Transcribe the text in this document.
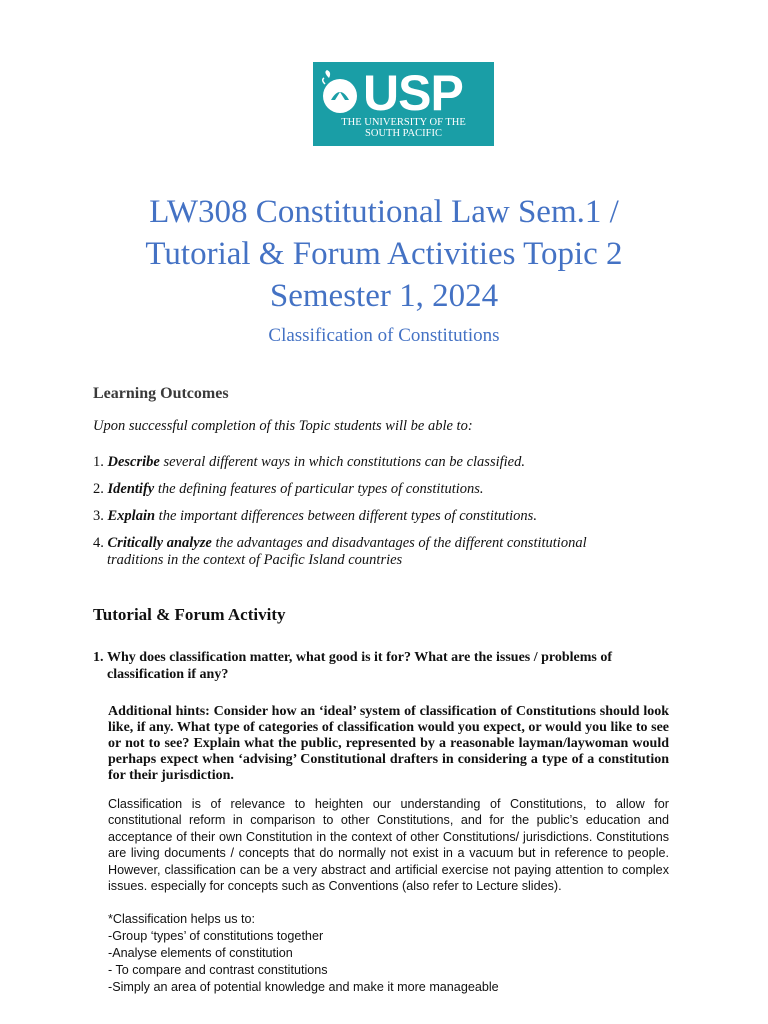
USP
THE UNIVERSITY OF THE
SOUTH PACIFIC
LW308 Constitutional Law Sem.1 /
Tutorial & Forum Activities Topic 2
Semester 1, 2024
Classification of Constitutions
Learning Outcomes
Upon successful completion of this Topic students will be able to:
1. Describe several different ways in which constitutions can be classified.
2. Identify the defining features of particular types of constitutions.
3. Explain the important differences between different types of constitutions.
4. Critically analyze the advantages and disadvantages of the different constitutional
traditions in the context of Pacific Island countries
Tutorial & Forum Activity
1. Why does classification matter, what good is it for? What are the issues / problems of classification if any?
Additional hints: Consider how an ‘ideal’ system of classification of Constitutions should look like, if any. What type of categories of classification would you expect, or would you like to see or not to see? Explain what the public, represented by a reasonable layman/laywoman would perhaps expect when ‘advising’ Constitutional drafters in considering a type of a constitution for their jurisdiction.
Classification is of relevance to heighten our understanding of Constitutions, to allow for constitutional reform in comparison to other Constitutions, and for the public’s education and acceptance of their own Constitution in the context of other Constitutions/ jurisdictions. Constitutions are living documents / concepts that do normally not exist in a vacuum but in reference to people. However, classification can be a very abstract and artificial exercise not paying attention to complex issues. especially for concepts such as Conventions (also refer to Lecture slides).
*Classification helps us to:
-Group ‘types’ of constitutions together
-Analyse elements of constitution
- To compare and contrast constitutions
-Simply an area of potential knowledge and make it more manageable
